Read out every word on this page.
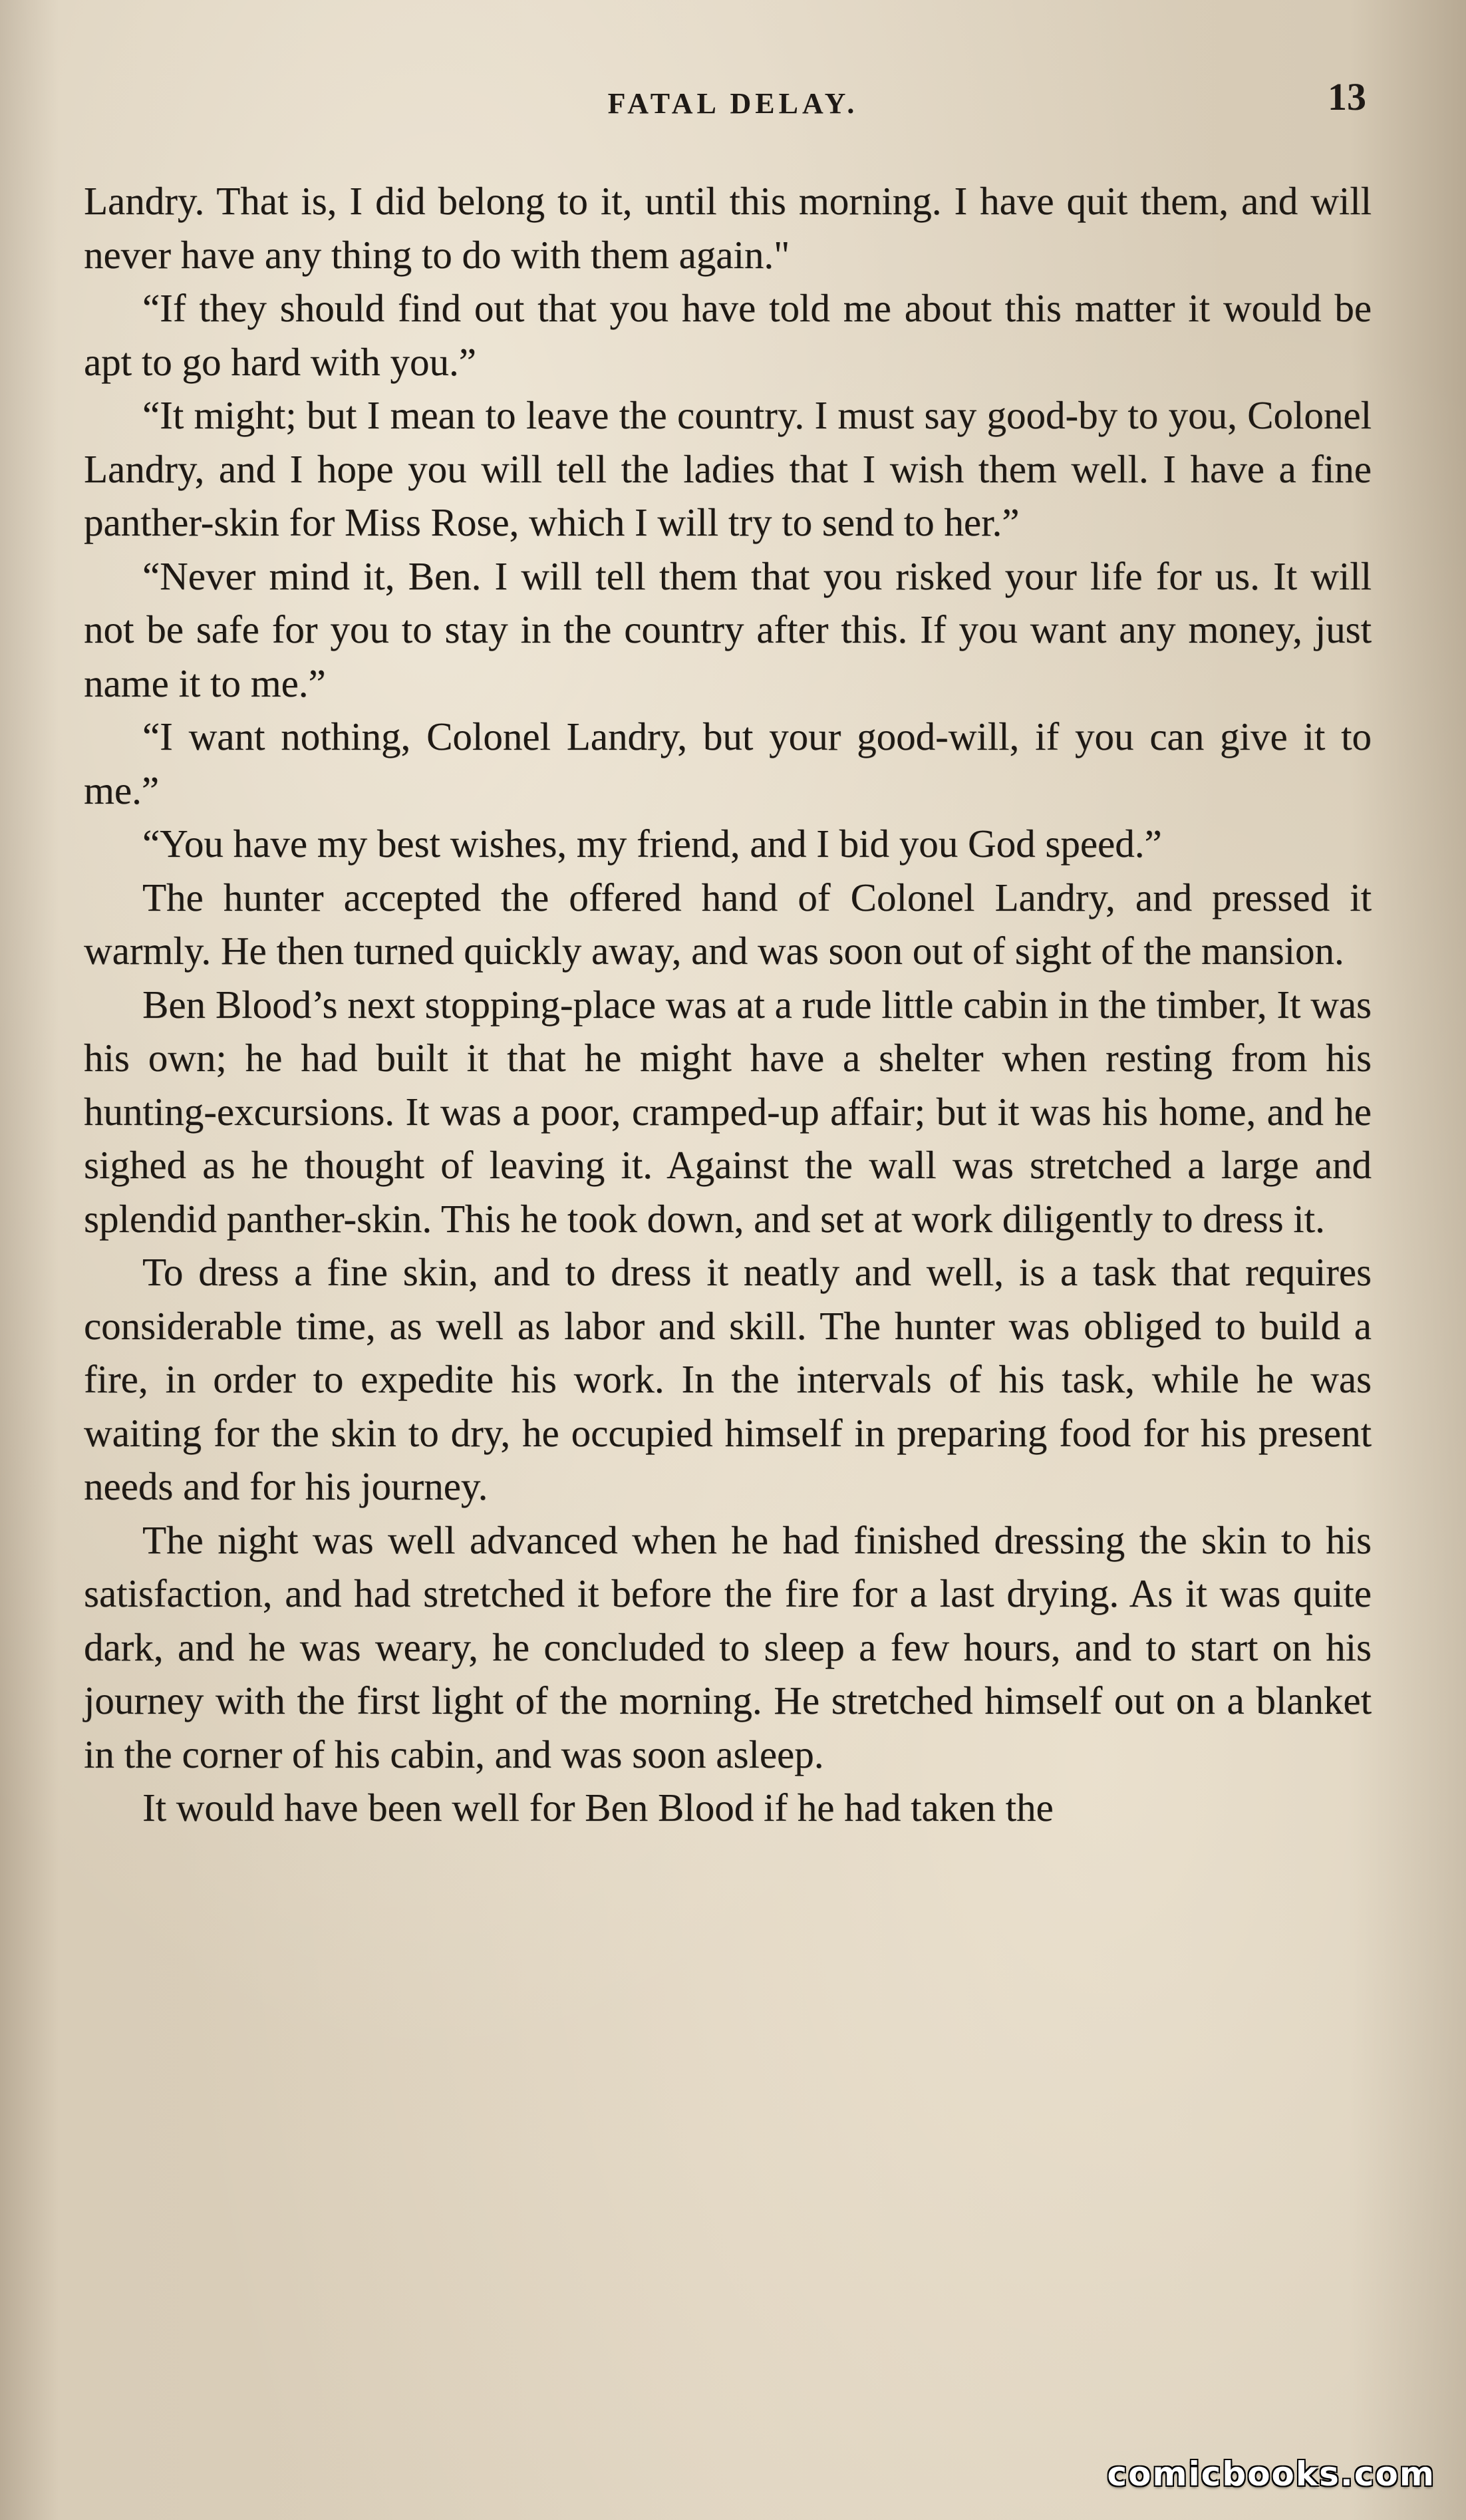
FATAL DELAY.	13

Landry. That is, I did belong to it, until this morning. I have quit them, and will never have any thing to do with them again."

“If they should find out that you have told me about this matter it would be apt to go hard with you.”

“It might; but I mean to leave the country. I must say good-by to you, Colonel Landry, and I hope you will tell the ladies that I wish them well. I have a fine panther-skin for Miss Rose, which I will try to send to her.”

“Never mind it, Ben. I will tell them that you risked your life for us. It will not be safe for you to stay in the country after this. If you want any money, just name it to me.”

“I want nothing, Colonel Landry, but your good-will, if you can give it to me.”

“You have my best wishes, my friend, and I bid you God speed.”

The hunter accepted the offered hand of Colonel Landry, and pressed it warmly. He then turned quickly away, and was soon out of sight of the mansion.

Ben Blood’s next stopping-place was at a rude little cabin in the timber, It was his own; he had built it that he might have a shelter when resting from his hunting-excursions. It was a poor, cramped-up affair; but it was his home, and he sighed as he thought of leaving it. Against the wall was stretched a large and splendid panther-skin. This he took down, and set at work diligently to dress it.

To dress a fine skin, and to dress it neatly and well, is a task that requires considerable time, as well as labor and skill. The hunter was obliged to build a fire, in order to expedite his work. In the intervals of his task, while he was waiting for the skin to dry, he occupied himself in preparing food for his present needs and for his journey.

The night was well advanced when he had finished dressing the skin to his satisfaction, and had stretched it before the fire for a last drying. As it was quite dark, and he was weary, he concluded to sleep a few hours, and to start on his journey with the first light of the morning. He stretched himself out on a blanket in the corner of his cabin, and was soon asleep.

It would have been well for Ben Blood if he had taken the

comicbooks.com
